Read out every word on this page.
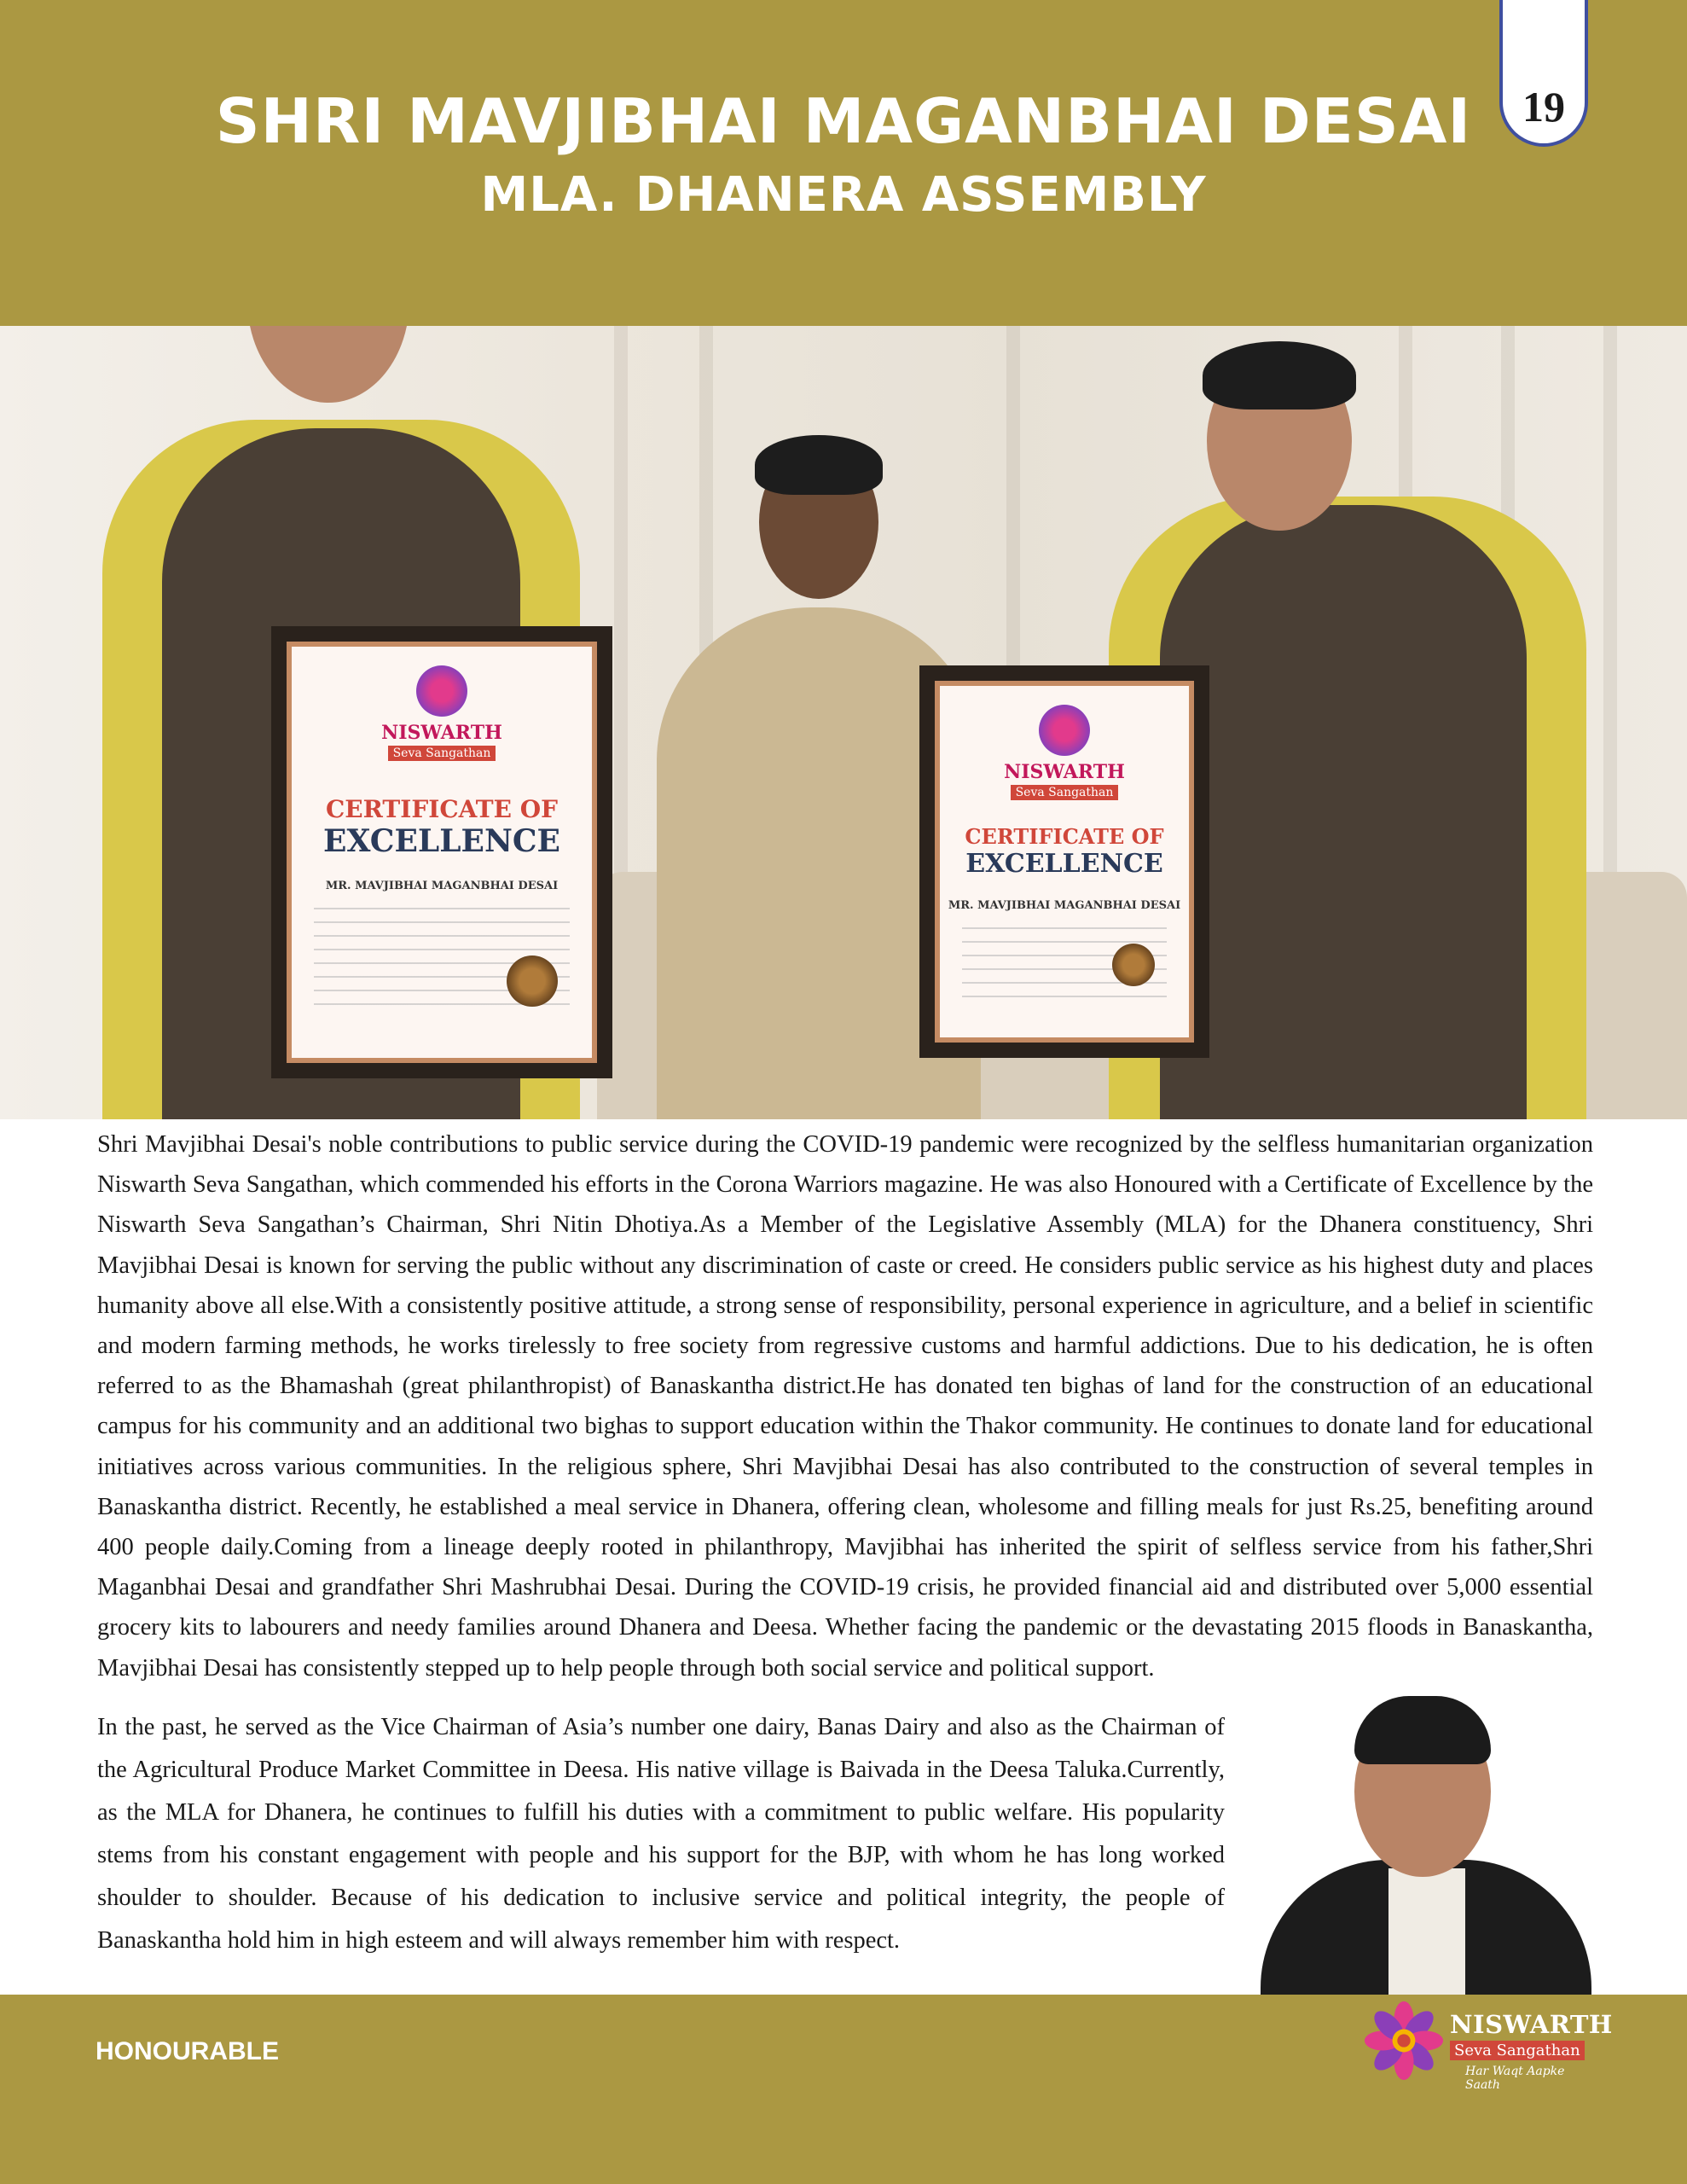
SHRI MAVJIBHAI MAGANBHAI DESAI
MLA. DHANERA ASSEMBLY
19
NISWARTH
Seva Sangathan
CERTIFICATE OF
EXCELLENCE
MR. MAVJIBHAI MAGANBHAI DESAI
NISWARTH
Seva Sangathan
CERTIFICATE OF
EXCELLENCE
MR. MAVJIBHAI MAGANBHAI DESAI

Shri Mavjibhai Desai's noble contributions to public service during the COVID-19 pandemic were recognized by the selfless humanitarian organization Niswarth Seva Sangathan, which commended his efforts in the Corona Warriors magazine. He was also Honoured with a Certificate of Excellence by the Niswarth Seva Sangathan’s Chairman, Shri Nitin Dhotiya.As a Member of the Legislative Assembly (MLA) for the Dhanera constituency, Shri Mavjibhai Desai is known for serving the public without any discrimination of caste or creed. He considers public service as his highest duty and places humanity above all else.With a consistently positive attitude, a strong sense of responsibility, personal experience in agriculture, and a belief in scientific and modern farming methods, he works tirelessly to free society from regressive customs and harmful addictions. Due to his dedication, he is often referred to as the Bhamashah (great philanthropist) of Banaskantha district.He has donated ten bighas of land for the construction of an educational campus for his community and an additional two bighas to support education within the Thakor community. He continues to donate land for educational initiatives across various communities. In the religious sphere, Shri Mavjibhai Desai has also contributed to the construction of several temples in Banaskantha district. Recently, he established a meal service in Dhanera, offering clean, wholesome and filling meals for just Rs.25, benefiting around 400 people daily.Coming from a lineage deeply rooted in philanthropy, Mavjibhai has inherited the spirit of selfless service from his father,Shri Maganbhai Desai and grandfather Shri Mashrubhai Desai. During the COVID-19 crisis, he provided financial aid and distributed over 5,000 essential grocery kits to labourers and needy families around Dhanera and Deesa. Whether facing the pandemic or the devastating 2015 floods in Banaskantha, Mavjibhai Desai has consistently stepped up to help people through both social service and political support.

In the past, he served as the Vice Chairman of Asia’s number one dairy, Banas Dairy and also as the Chairman of the Agricultural Produce Market Committee in Deesa. His native village is Baivada in the Deesa Taluka.Currently, as the MLA for Dhanera, he continues to fulfill his duties with a commitment to public welfare. His popularity stems from his constant engagement with people and his support for the BJP, with whom he has long worked shoulder to shoulder. Because of his dedication to inclusive service and political integrity, the people of Banaskantha hold him in high esteem and will always remember him with respect.

HONOURABLE

NISWARTH

Seva Sangathan

Har Waqt Aapke Saath
